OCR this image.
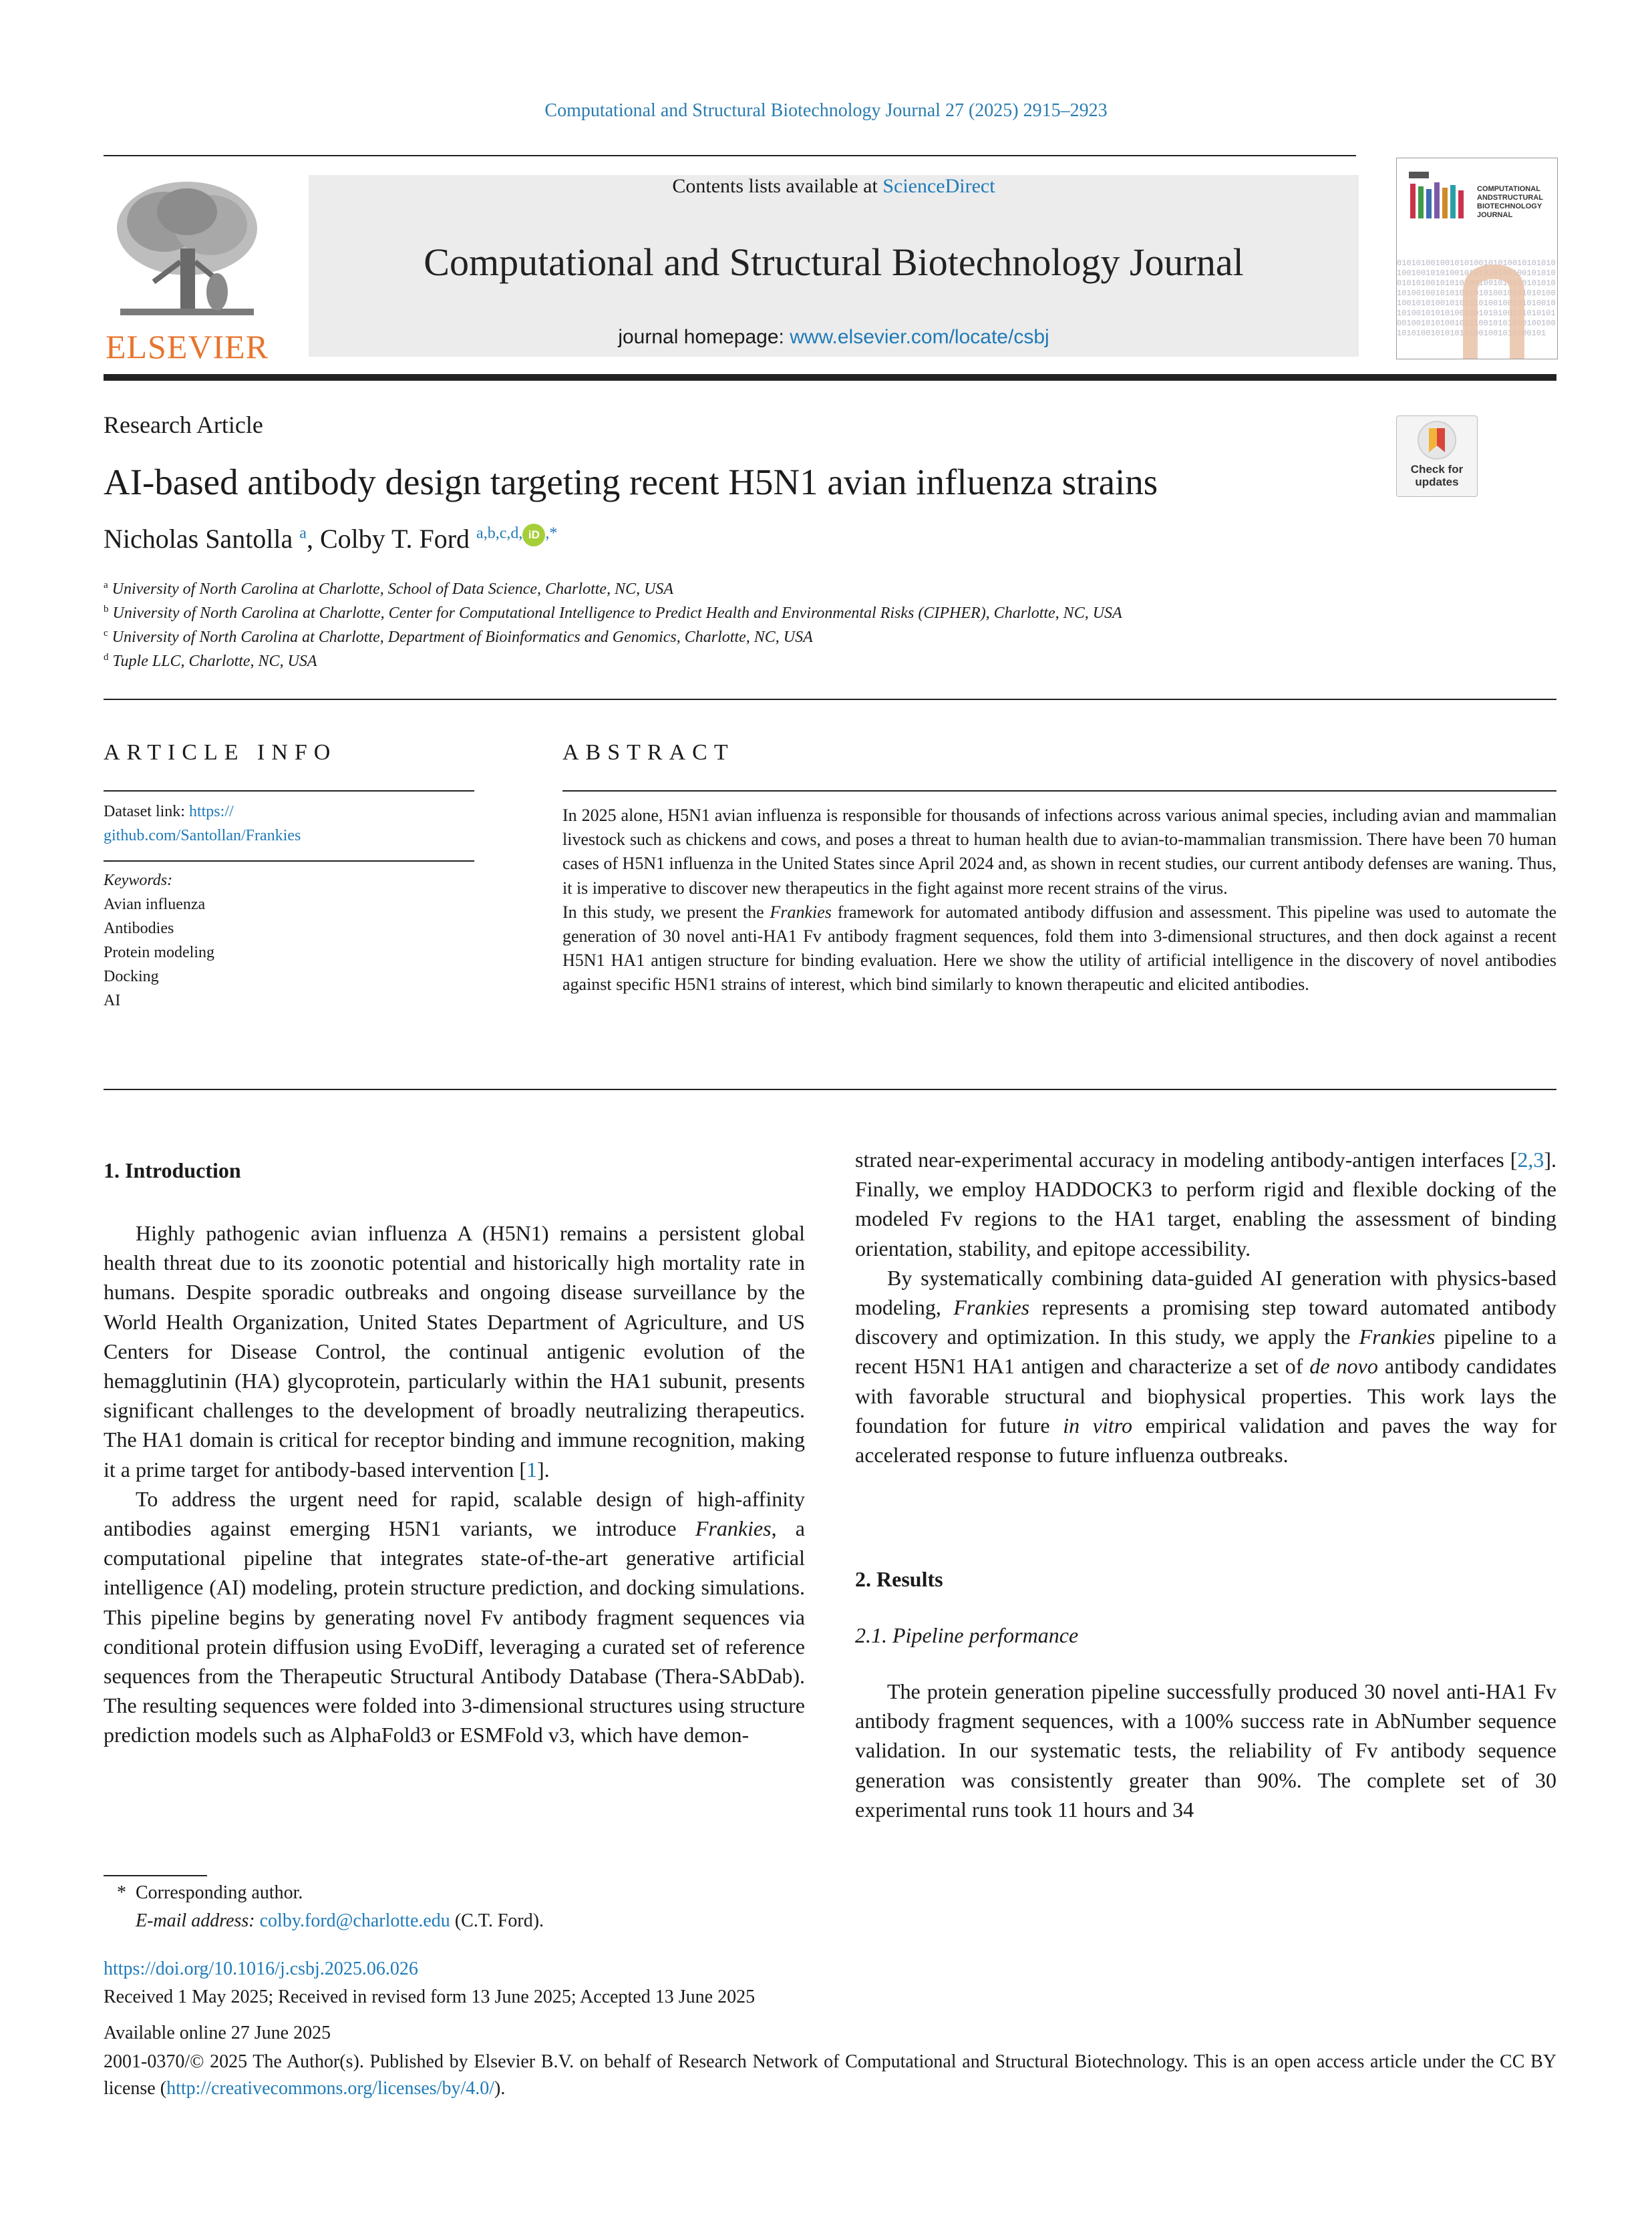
Computational and Structural Biotechnology Journal 27 (2025) 2915–2923
ELSEVIER
Contents lists available at ScienceDirect
Computational and Structural Biotechnology Journal
journal homepage: www.elsevier.com/locate/csbj
COMPUTATIONAL ANDSTRUCTURAL BIOTECHNOLOGY JOURNAL
0101010010010101001010100101010101001001010100101010101001001010100101010010101010010010101001010101010010010101001010100101010101001001010100101010101001001010100101010010101010010010101001010101010010010101001010100101010101001001010100101010101001001010100101
Research Article
AI-based antibody design targeting recent H5N1 avian influenza strains
Nicholas Santolla $^a$, Colby T. Ford $^{a,b,c,d,}$ iD ,*
Check for updates
$^a$ University of North Carolina at Charlotte, School of Data Science, Charlotte, NC, USA
$^b$ University of North Carolina at Charlotte, Center for Computational Intelligence to Predict Health and Environmental Risks (CIPHER), Charlotte, NC, USA
$^c$ University of North Carolina at Charlotte, Department of Bioinformatics and Genomics, Charlotte, NC, USA
$^d$ Tuple LLC, Charlotte, NC, USA
ARTICLE INFO
Dataset link: https://
github.com/Santollan/Frankies
Keywords:
Avian influenza
Antibodies
Protein modeling
Docking
AI
ABSTRACT

In 2025 alone, H5N1 avian influenza is responsible for thousands of infections across various animal species, including avian and mammalian livestock such as chickens and cows, and poses a threat to human health due to avian-to-mammalian transmission. There have been 70 human cases of H5N1 influenza in the United States since April 2024 and, as shown in recent studies, our current antibody defenses are waning. Thus, it is imperative to discover new therapeutics in the fight against more recent strains of the virus.

In this study, we present the Frankies framework for automated antibody diffusion and assessment. This pipeline was used to automate the generation of 30 novel anti-HA1 Fv antibody fragment sequences, fold them into 3-dimensional structures, and then dock against a recent H5N1 HA1 antigen structure for binding evaluation. Here we show the utility of artificial intelligence in the discovery of novel antibodies against specific H5N1 strains of interest, which bind similarly to known therapeutic and elicited antibodies.

1. Introduction

Highly pathogenic avian influenza A (H5N1) remains a persistent global health threat due to its zoonotic potential and historically high mortality rate in humans. Despite sporadic outbreaks and ongoing disease surveillance by the World Health Organization, United States Department of Agriculture, and US Centers for Disease Control, the continual antigenic evolution of the hemagglutinin (HA) glycoprotein, particularly within the HA1 subunit, presents significant challenges to the development of broadly neutralizing therapeutics. The HA1 domain is critical for receptor binding and immune recognition, making it a prime target for antibody-based intervention [1].

To address the urgent need for rapid, scalable design of high-affinity antibodies against emerging H5N1 variants, we introduce Frankies, a computational pipeline that integrates state-of-the-art generative artificial intelligence (AI) modeling, protein structure prediction, and docking simulations. This pipeline begins by generating novel Fv antibody fragment sequences via conditional protein diffusion using EvoDiff, leveraging a curated set of reference sequences from the Therapeutic Structural Antibody Database (Thera-SAbDab). The resulting sequences were folded into 3-dimensional structures using structure prediction models such as AlphaFold3 or ESMFold v3, which have demon-

strated near-experimental accuracy in modeling antibody-antigen interfaces [2,3]. Finally, we employ HADDOCK3 to perform rigid and flexible docking of the modeled Fv regions to the HA1 target, enabling the assessment of binding orientation, stability, and epitope accessibility.

By systematically combining data-guided AI generation with physics-based modeling, Frankies represents a promising step toward automated antibody discovery and optimization. In this study, we apply the Frankies pipeline to a recent H5N1 HA1 antigen and characterize a set of de novo antibody candidates with favorable structural and biophysical properties. This work lays the foundation for future in vitro empirical validation and paves the way for accelerated response to future influenza outbreaks.

2. Results
2.1. Pipeline performance

The protein generation pipeline successfully produced 30 novel anti-HA1 Fv antibody fragment sequences, with a 100% success rate in AbNumber sequence validation. In our systematic tests, the reliability of Fv antibody sequence generation was consistently greater than 90%. The complete set of 30 experimental runs took 11 hours and 34

* Corresponding author.
E-mail address: colby.ford@charlotte.edu (C.T. Ford).
https://doi.org/10.1016/j.csbj.2025.06.026
Received 1 May 2025; Received in revised form 13 June 2025; Accepted 13 June 2025
Available online 27 June 2025
2001-0370/© 2025 The Author(s). Published by Elsevier B.V. on behalf of Research Network of Computational and Structural Biotechnology. This is an open access article under the CC BY license (http://creativecommons.org/licenses/by/4.0/).
